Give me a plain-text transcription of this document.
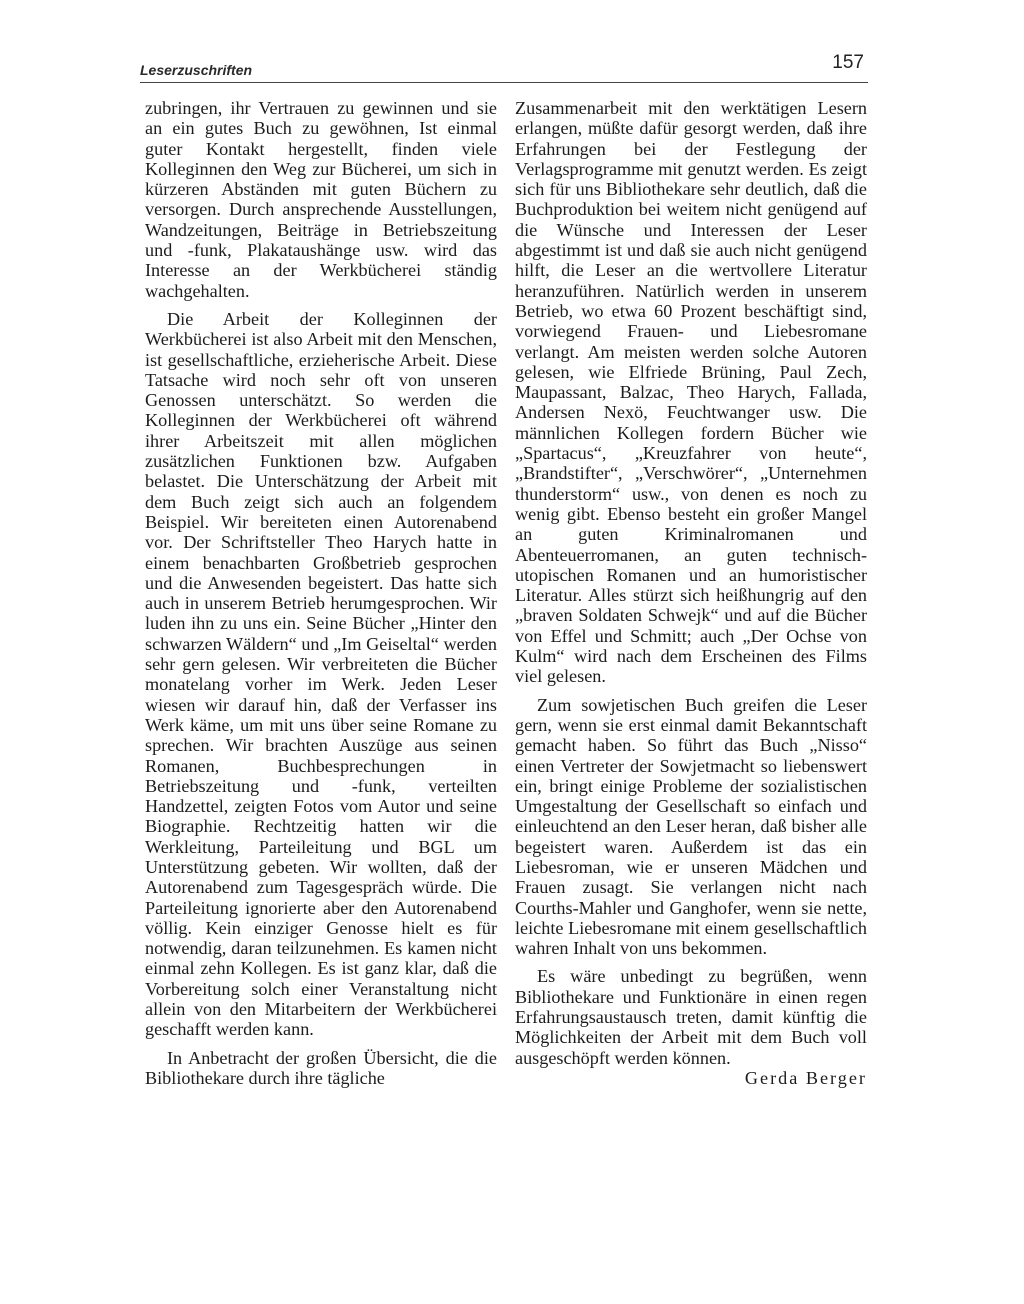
Leserzuschriften	157

zubringen, ihr Vertrauen zu gewinnen und sie an ein gutes Buch zu gewöhnen, Ist einmal guter Kontakt hergestellt, finden viele Kolleginnen den Weg zur Bücherei, um sich in kürzeren Abständen mit guten Büchern zu versorgen. Durch ansprechende Ausstellungen, Wandzeitungen, Beiträge in Betriebszeitung und -funk, Plakataushänge usw. wird das Interesse an der Werkbücherei ständig wachgehalten.

Die Arbeit der Kolleginnen der Werkbücherei ist also Arbeit mit den Menschen, ist gesellschaftliche, erzieherische Arbeit. Diese Tatsache wird noch sehr oft von unseren Genossen unterschätzt. So werden die Kolleginnen der Werkbücherei oft während ihrer Arbeitszeit mit allen möglichen zusätzlichen Funktionen bzw. Aufgaben belastet. Die Unterschätzung der Arbeit mit dem Buch zeigt sich auch an folgendem Beispiel. Wir bereiteten einen Autorenabend vor. Der Schriftsteller Theo Harych hatte in einem benachbarten Großbetrieb gesprochen und die Anwesenden begeistert. Das hatte sich auch in unserem Betrieb herumgesprochen. Wir luden ihn zu uns ein. Seine Bücher „Hinter den schwarzen Wäldern“ und „Im Geiseltal“ werden sehr gern gelesen. Wir verbreiteten die Bücher monatelang vorher im Werk. Jeden Leser wiesen wir darauf hin, daß der Verfasser ins Werk käme, um mit uns über seine Romane zu sprechen. Wir brachten Auszüge aus seinen Romanen, Buchbesprechungen in Betriebszeitung und -funk, verteilten Handzettel, zeigten Fotos vom Autor und seine Biographie. Rechtzeitig hatten wir die Werkleitung, Parteileitung und BGL um Unterstützung gebeten. Wir wollten, daß der Autorenabend zum Tagesgespräch würde. Die Parteileitung ignorierte aber den Autorenabend völlig. Kein einziger Genosse hielt es für notwendig, daran teilzunehmen. Es kamen nicht einmal zehn Kollegen. Es ist ganz klar, daß die Vorbereitung solch einer Veranstaltung nicht allein von den Mitarbeitern der Werkbücherei geschafft werden kann.

In Anbetracht der großen Übersicht, die die Bibliothekare durch ihre tägliche

Zusammenarbeit mit den werktätigen Lesern erlangen, müßte dafür gesorgt werden, daß ihre Erfahrungen bei der Festlegung der Verlagsprogramme mit genutzt werden. Es zeigt sich für uns Bibliothekare sehr deutlich, daß die Buchproduktion bei weitem nicht genügend auf die Wünsche und Interessen der Leser abgestimmt ist und daß sie auch nicht genügend hilft, die Leser an die wertvollere Literatur heranzuführen. Natürlich werden in unserem Betrieb, wo etwa 60 Prozent beschäftigt sind, vorwiegend Frauen- und Liebesromane verlangt. Am meisten werden solche Autoren gelesen, wie Elfriede Brüning, Paul Zech, Maupassant, Balzac, Theo Harych, Fallada, Andersen Nexö, Feuchtwanger usw. Die männlichen Kollegen fordern Bücher wie „Spartacus“, „Kreuzfahrer von heute“, „Brandstifter“, „Verschwörer“, „Unternehmen thunderstorm“ usw., von denen es noch zu wenig gibt. Ebenso besteht ein großer Mangel an guten Kriminalromanen und Abenteuerromanen, an guten technisch-utopischen Romanen und an humoristischer Literatur. Alles stürzt sich heißhungrig auf den „braven Soldaten Schwejk“ und auf die Bücher von Effel und Schmitt; auch „Der Ochse von Kulm“ wird nach dem Erscheinen des Films viel gelesen.

Zum sowjetischen Buch greifen die Leser gern, wenn sie erst einmal damit Bekanntschaft gemacht haben. So führt das Buch „Nisso“ einen Vertreter der Sowjetmacht so liebenswert ein, bringt einige Probleme der sozialistischen Umgestaltung der Gesellschaft so einfach und einleuchtend an den Leser heran, daß bisher alle begeistert waren. Außerdem ist das ein Liebesroman, wie er unseren Mädchen und Frauen zusagt. Sie verlangen nicht nach Courths-Mahler und Ganghofer, wenn sie nette, leichte Liebesromane mit einem gesellschaftlich wahren Inhalt von uns bekommen.

Es wäre unbedingt zu begrüßen, wenn Bibliothekare und Funktionäre in einen regen Erfahrungsaustausch treten, damit künftig die Möglichkeiten der Arbeit mit dem Buch voll ausgeschöpft werden können.
Gerda Berger
